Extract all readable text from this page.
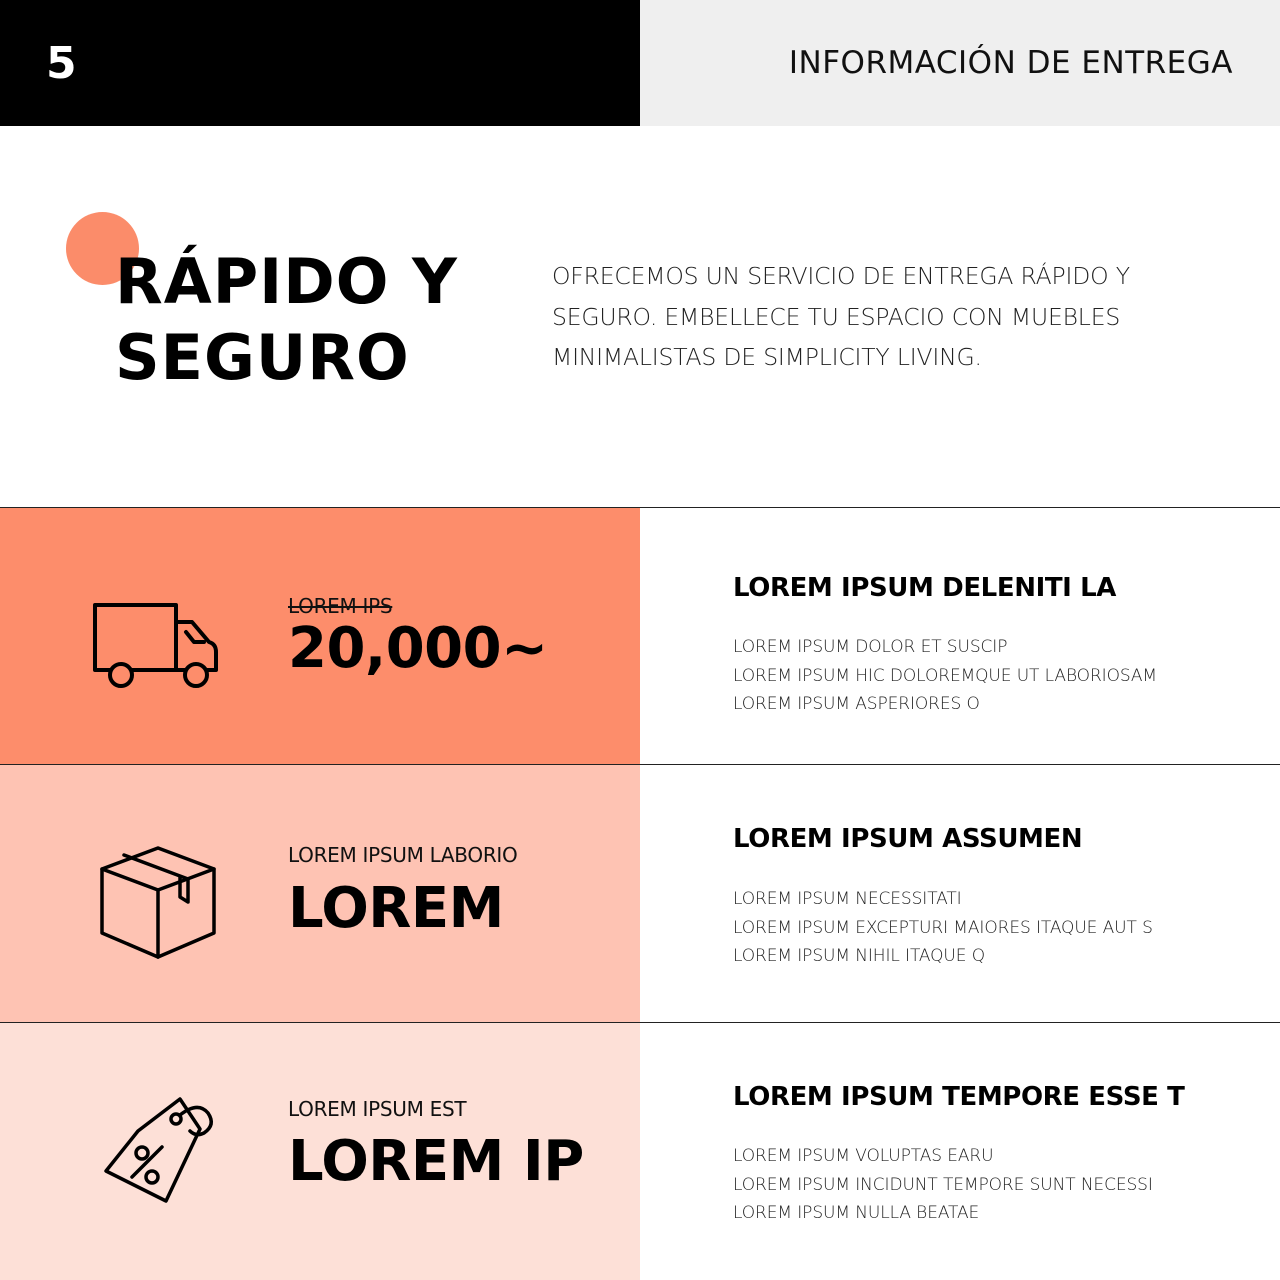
5	INFORMACIÓN DE ENTREGA
RÁPIDO Y
SEGURO

OFRECEMOS UN SERVICIO DE ENTREGA RÁPIDO Y SEGURO. EMBELLECE TU ESPACIO CON MUEBLES MINIMALISTAS DE SIMPLICITY LIVING.

LOREM IPS
20,000~
LOREM IPSUM DELENITI LA
LOREM IPSUM DOLOR ET SUSCIP
LOREM IPSUM HIC DOLOREMQUE UT LABORIOSAM
LOREM IPSUM ASPERIORES O
LOREM IPSUM LABORIO
LOREM
LOREM IPSUM ASSUMEN
LOREM IPSUM NECESSITATI
LOREM IPSUM EXCEPTURI MAIORES ITAQUE AUT S
LOREM IPSUM NIHIL ITAQUE Q
LOREM IPSUM EST
LOREM IP
LOREM IPSUM TEMPORE ESSE T
LOREM IPSUM VOLUPTAS EARU
LOREM IPSUM INCIDUNT TEMPORE SUNT NECESSI
LOREM IPSUM NULLA BEATAE
